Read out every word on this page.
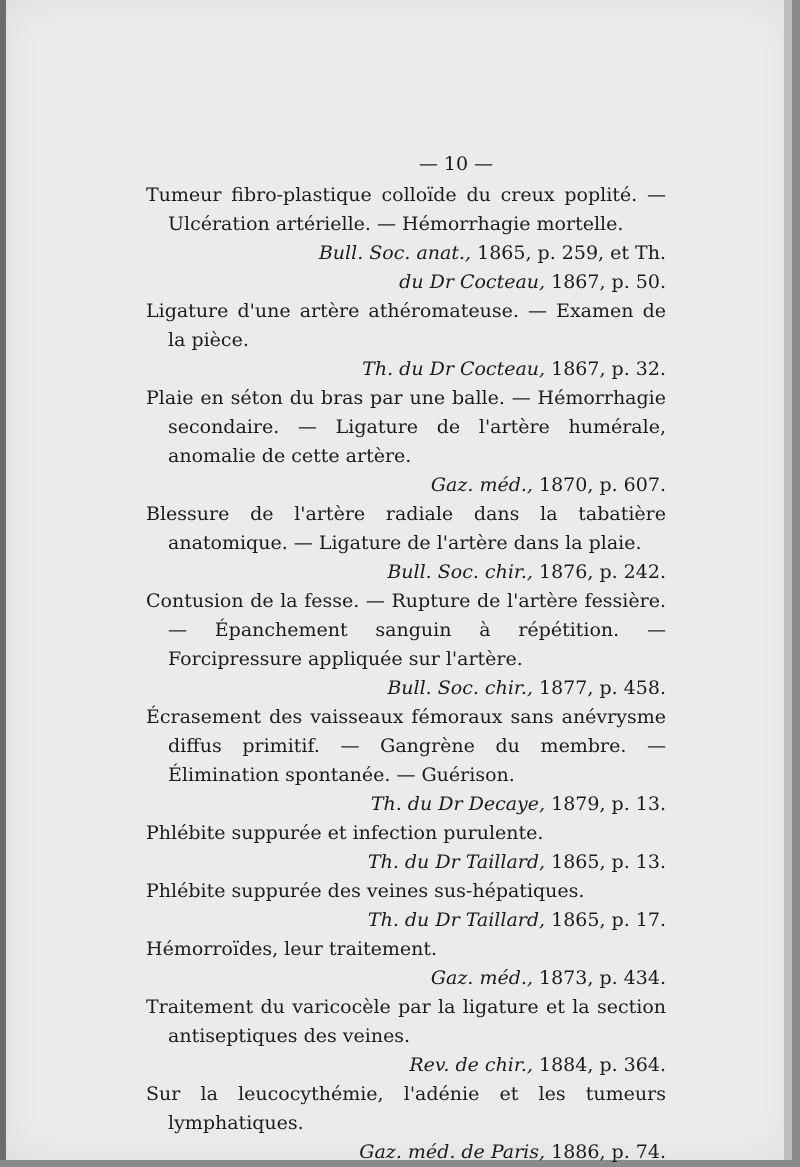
— 10 —

Tumeur fibro-plastique colloïde du creux poplité. — Ulcération artérielle. — Hémorrhagie mortelle.

Bull. Soc. anat., 1865, p. 259, et Th.

du Dr Cocteau, 1867, p. 50.

Ligature d'une artère athéromateuse. — Examen de la pièce.

Th. du Dr Cocteau, 1867, p. 32.

Plaie en séton du bras par une balle. — Hémorrhagie secondaire. — Ligature de l'artère humérale, anomalie de cette artère.

Gaz. méd., 1870, p. 607.

Blessure de l'artère radiale dans la tabatière anatomique. — Ligature de l'artère dans la plaie.

Bull. Soc. chir., 1876, p. 242.

Contusion de la fesse. — Rupture de l'artère fessière. — Épanchement sanguin à répétition. — Forcipressure appliquée sur l'artère.

Bull. Soc. chir., 1877, p. 458.

Écrasement des vaisseaux fémoraux sans anévrysme diffus primitif. — Gangrène du membre. — Élimination spontanée. — Guérison.

Th. du Dr Decaye, 1879, p. 13.

Phlébite suppurée et infection purulente.

Th. du Dr Taillard, 1865, p. 13.

Phlébite suppurée des veines sus-hépatiques.

Th. du Dr Taillard, 1865, p. 17.

Hémorroïdes, leur traitement.

Gaz. méd., 1873, p. 434.

Traitement du varicocèle par la ligature et la section antiseptiques des veines.

Rev. de chir., 1884, p. 364.

Sur la leucocythémie, l'adénie et les tumeurs lymphatiques.

Gaz. méd. de Paris, 1886, p. 74.
